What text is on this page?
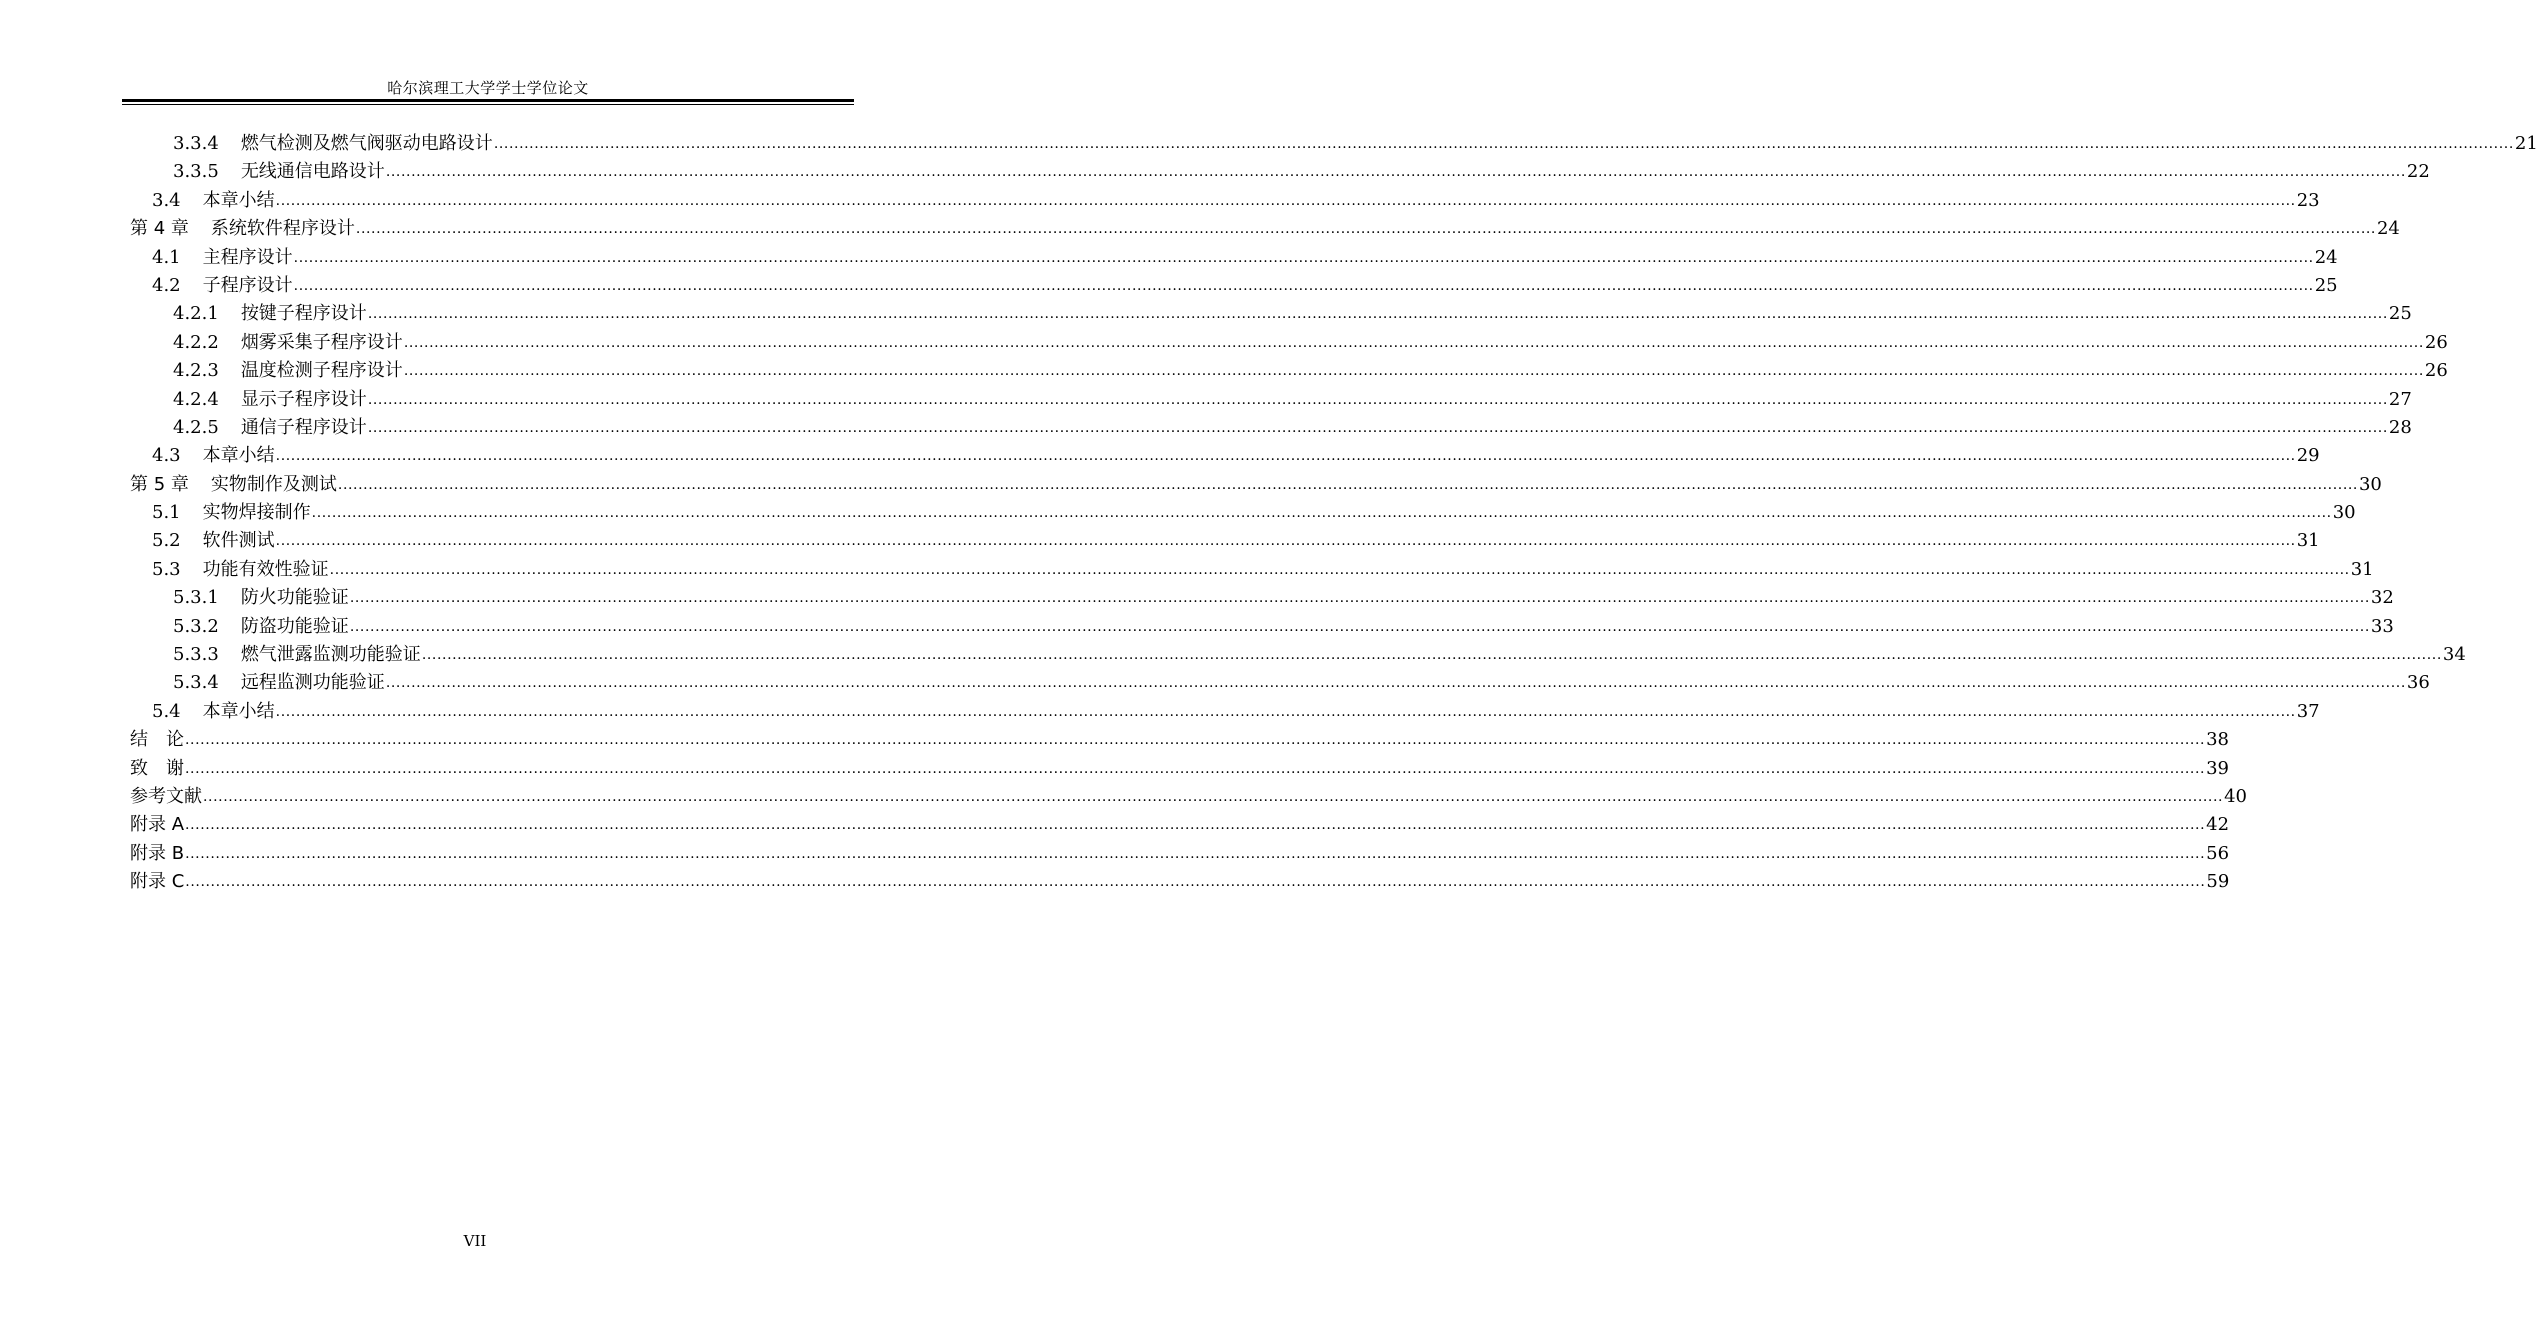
哈尔滨理工大学学士学位论文
3.3.4 燃气检测及燃气阀驱动电路设计 ................................................................................................................................................................................................................................................................................................................................................................................................................ 21
3.3.5 无线通信电路设计 ................................................................................................................................................................................................................................................................................................................................................................................................................ 22
3.4 本章小结 ................................................................................................................................................................................................................................................................................................................................................................................................................ 23
第 4 章 系统软件程序设计 ................................................................................................................................................................................................................................................................................................................................................................................................................ 24
4.1 主程序设计 ................................................................................................................................................................................................................................................................................................................................................................................................................ 24
4.2 子程序设计 ................................................................................................................................................................................................................................................................................................................................................................................................................ 25
4.2.1 按键子程序设计 ................................................................................................................................................................................................................................................................................................................................................................................................................ 25
4.2.2 烟雾采集子程序设计 ................................................................................................................................................................................................................................................................................................................................................................................................................ 26
4.2.3 温度检测子程序设计 ................................................................................................................................................................................................................................................................................................................................................................................................................ 26
4.2.4 显示子程序设计 ................................................................................................................................................................................................................................................................................................................................................................................................................ 27
4.2.5 通信子程序设计 ................................................................................................................................................................................................................................................................................................................................................................................................................ 28
4.3 本章小结 ................................................................................................................................................................................................................................................................................................................................................................................................................ 29
第 5 章 实物制作及测试 ................................................................................................................................................................................................................................................................................................................................................................................................................ 30
5.1 实物焊接制作 ................................................................................................................................................................................................................................................................................................................................................................................................................ 30
5.2 软件测试 ................................................................................................................................................................................................................................................................................................................................................................................................................ 31
5.3 功能有效性验证 ................................................................................................................................................................................................................................................................................................................................................................................................................ 31
5.3.1 防火功能验证 ................................................................................................................................................................................................................................................................................................................................................................................................................ 32
5.3.2 防盗功能验证 ................................................................................................................................................................................................................................................................................................................................................................................................................ 33
5.3.3 燃气泄露监测功能验证 ................................................................................................................................................................................................................................................................................................................................................................................................................ 34
5.3.4 远程监测功能验证 ................................................................................................................................................................................................................................................................................................................................................................................................................ 36
5.4 本章小结 ................................................................................................................................................................................................................................................................................................................................................................................................................ 37
结　论 ................................................................................................................................................................................................................................................................................................................................................................................................................ 38
致　谢 ................................................................................................................................................................................................................................................................................................................................................................................................................ 39
参考文献 ................................................................................................................................................................................................................................................................................................................................................................................................................ 40
附录 A ................................................................................................................................................................................................................................................................................................................................................................................................................ 42
附录 B ................................................................................................................................................................................................................................................................................................................................................................................................................ 56
附录 C ................................................................................................................................................................................................................................................................................................................................................................................................................ 59
VII
